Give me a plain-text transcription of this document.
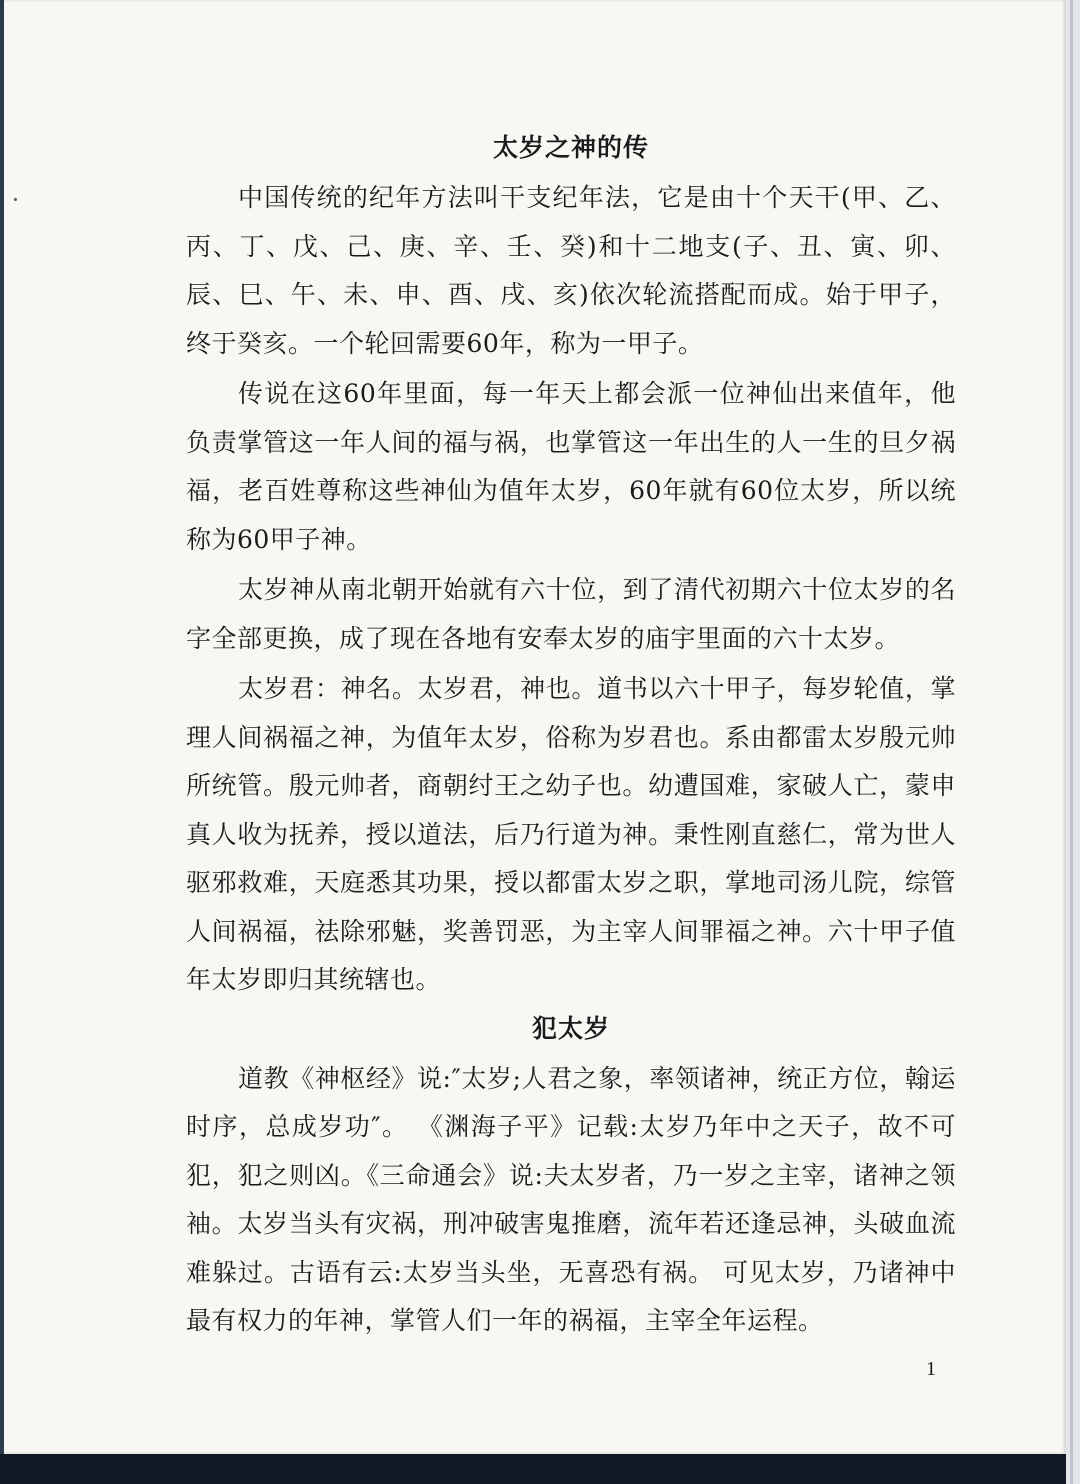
太岁之神的传

中国传统的纪年方法叫干支纪年法，它是由十个天干(甲、乙、丙、丁、戊、己、庚、辛、壬、癸)和十二地支(子、丑、寅、卯、辰、巳、午、未、申、酉、戌、亥)依次轮流搭配而成。始于甲子，终于癸亥。一个轮回需要60年，称为一甲子。

传说在这60年里面，每一年天上都会派一位神仙出来值年，他负责掌管这一年人间的福与祸，也掌管这一年出生的人一生的旦夕祸福，老百姓尊称这些神仙为值年太岁，60年就有60位太岁，所以统称为60甲子神。

太岁神从南北朝开始就有六十位，到了清代初期六十位太岁的名字全部更换，成了现在各地有安奉太岁的庙宇里面的六十太岁。

太岁君：神名。太岁君，神也。道书以六十甲子，每岁轮值，掌理人间祸福之神，为值年太岁，俗称为岁君也。系由都雷太岁殷元帅所统管。殷元帅者，商朝纣王之幼子也。幼遭国难，家破人亡，蒙申真人收为抚养，授以道法，后乃行道为神。秉性刚直慈仁，常为世人驱邪救难，天庭悉其功果，授以都雷太岁之职，掌地司汤儿院，综管人间祸福，祛除邪魅，奖善罚恶，为主宰人间罪福之神。六十甲子值年太岁即归其统辖也。

犯太岁

道教《神枢经》说:″太岁;人君之象，率领诸神，统正方位，翰运时序，总成岁功″。 《渊海子平》记载:太岁乃年中之天子，故不可犯，犯之则凶。《三命通会》说:夫太岁者，乃一岁之主宰，诸神之领袖。太岁当头有灾祸，刑冲破害鬼推磨，流年若还逢忌神，头破血流难躲过。古语有云:太岁当头坐，无喜恐有祸。 可见太岁，乃诸神中最有权力的年神，掌管人们一年的祸福，主宰全年运程。

1
